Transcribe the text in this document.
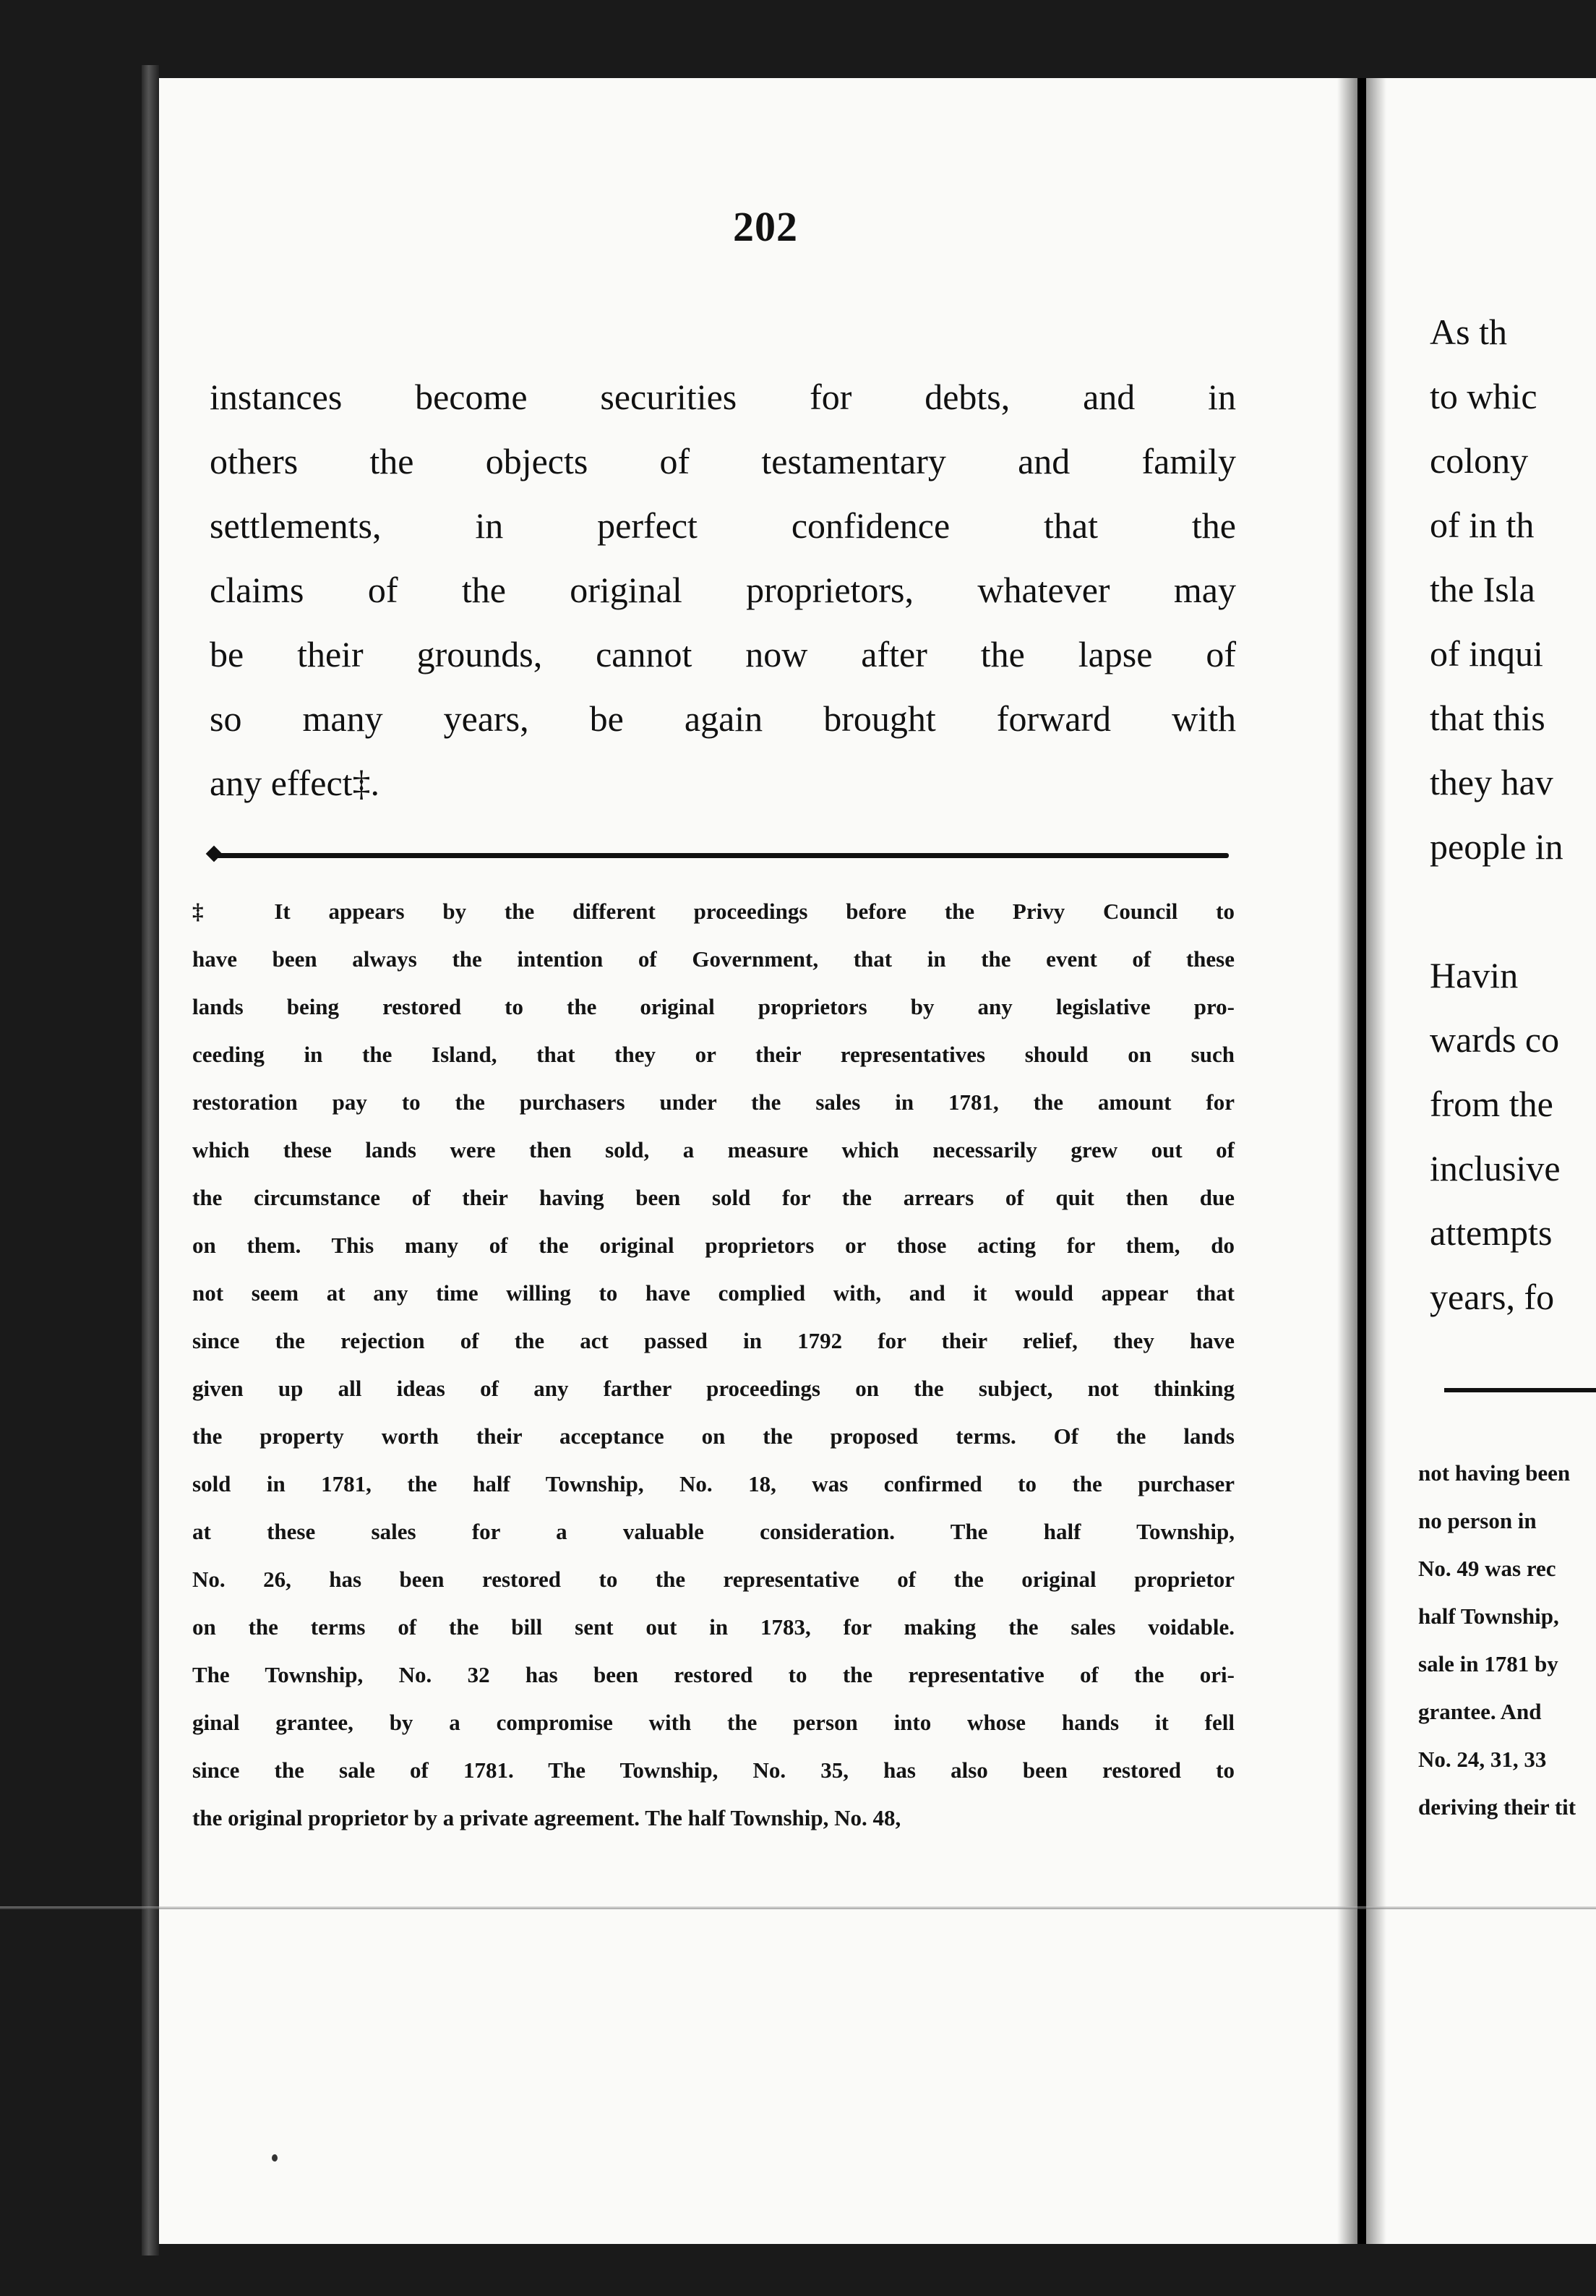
202
instances become securities for debts, and in
others the objects of testamentary and family
settlements, in perfect confidence that the
claims of the original proprietors, whatever may
be their grounds, cannot now after the lapse of
so many years, be again brought forward with
any effect‡.
‡ It appears by the different proceedings before the Privy Council to
have been always the intention of Government, that in the event of these
lands being restored to the original proprietors by any legislative pro-
ceeding in the Island, that they or their representatives should on such
restoration pay to the purchasers under the sales in 1781, the amount for
which these lands were then sold, a measure which necessarily grew out of
the circumstance of their having been sold for the arrears of quit then due
on them. This many of the original proprietors or those acting for them, do
not seem at any time willing to have complied with, and it would appear that
since the rejection of the act passed in 1792 for their relief, they have
given up all ideas of any farther proceedings on the subject, not thinking
the property worth their acceptance on the proposed terms. Of the lands
sold in 1781, the half Township, No. 18, was confirmed to the purchaser
at these sales for a valuable consideration. The half Township,
No. 26, has been restored to the representative of the original proprietor
on the terms of the bill sent out in 1783, for making the sales voidable.
The Township, No. 32 has been restored to the representative of the ori-
ginal grantee, by a compromise with the person into whose hands it fell
since the sale of 1781. The Township, No. 35, has also been restored to
the original proprietor by a private agreement. The half Township, No. 48,
As th
to whic
colony
of in th
the Isla
of inqui
that this
they hav
people in
Havin
wards co
from the
inclusive
attempts
years, fo
not having been
no person in
No. 49 was rec
half Township,
sale in 1781 by
grantee. And
No. 24, 31, 33
deriving their tit
